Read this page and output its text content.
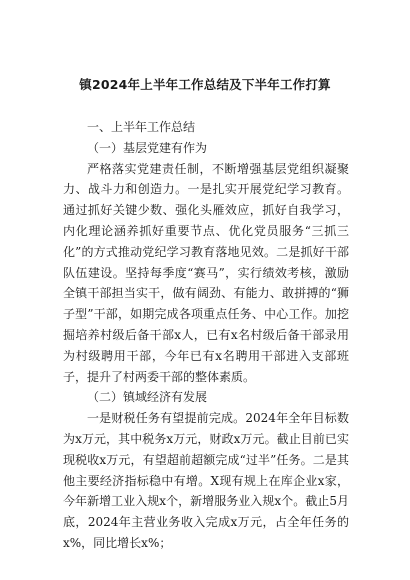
镇2024年上半年工作总结及下半年工作打算

一、上半年工作总结

（一）基层党建有作为

严格落实党建责任制，不断增强基层党组织凝聚力、战斗力和创造力。一是扎实开展党纪学习教育。通过抓好关键少数、强化头雁效应，抓好自我学习，内化理论涵养抓好重要节点、优化党员服务“三抓三化”的方式推动党纪学习教育落地见效。二是抓好干部队伍建设。坚持每季度“赛马”，实行绩效考核，激励全镇干部担当实干，做有阔劲、有能力、敢拼搏的“狮子型”干部，如期完成各项重点任务、中心工作。加挖掘培养村级后备干部x人，已有x名村级后备干部录用为村级聘用干部，今年已有x名聘用干部进入支部班子，提升了村两委干部的整体素质。

（二）镇域经济有发展

一是财税任务有望提前完成。2024年全年目标数为x万元，其中税务x万元，财政x万元。截止目前已实现税收x万元，有望超前超额完成“过半”任务。二是其他主要经济指标稳中有增。X现有规上在库企业x家，今年新增工业入规x个，新增服务业入规x个。截止5月底，2024年主营业务收入完成x万元，占全年任务的x%，同比增长x%；
